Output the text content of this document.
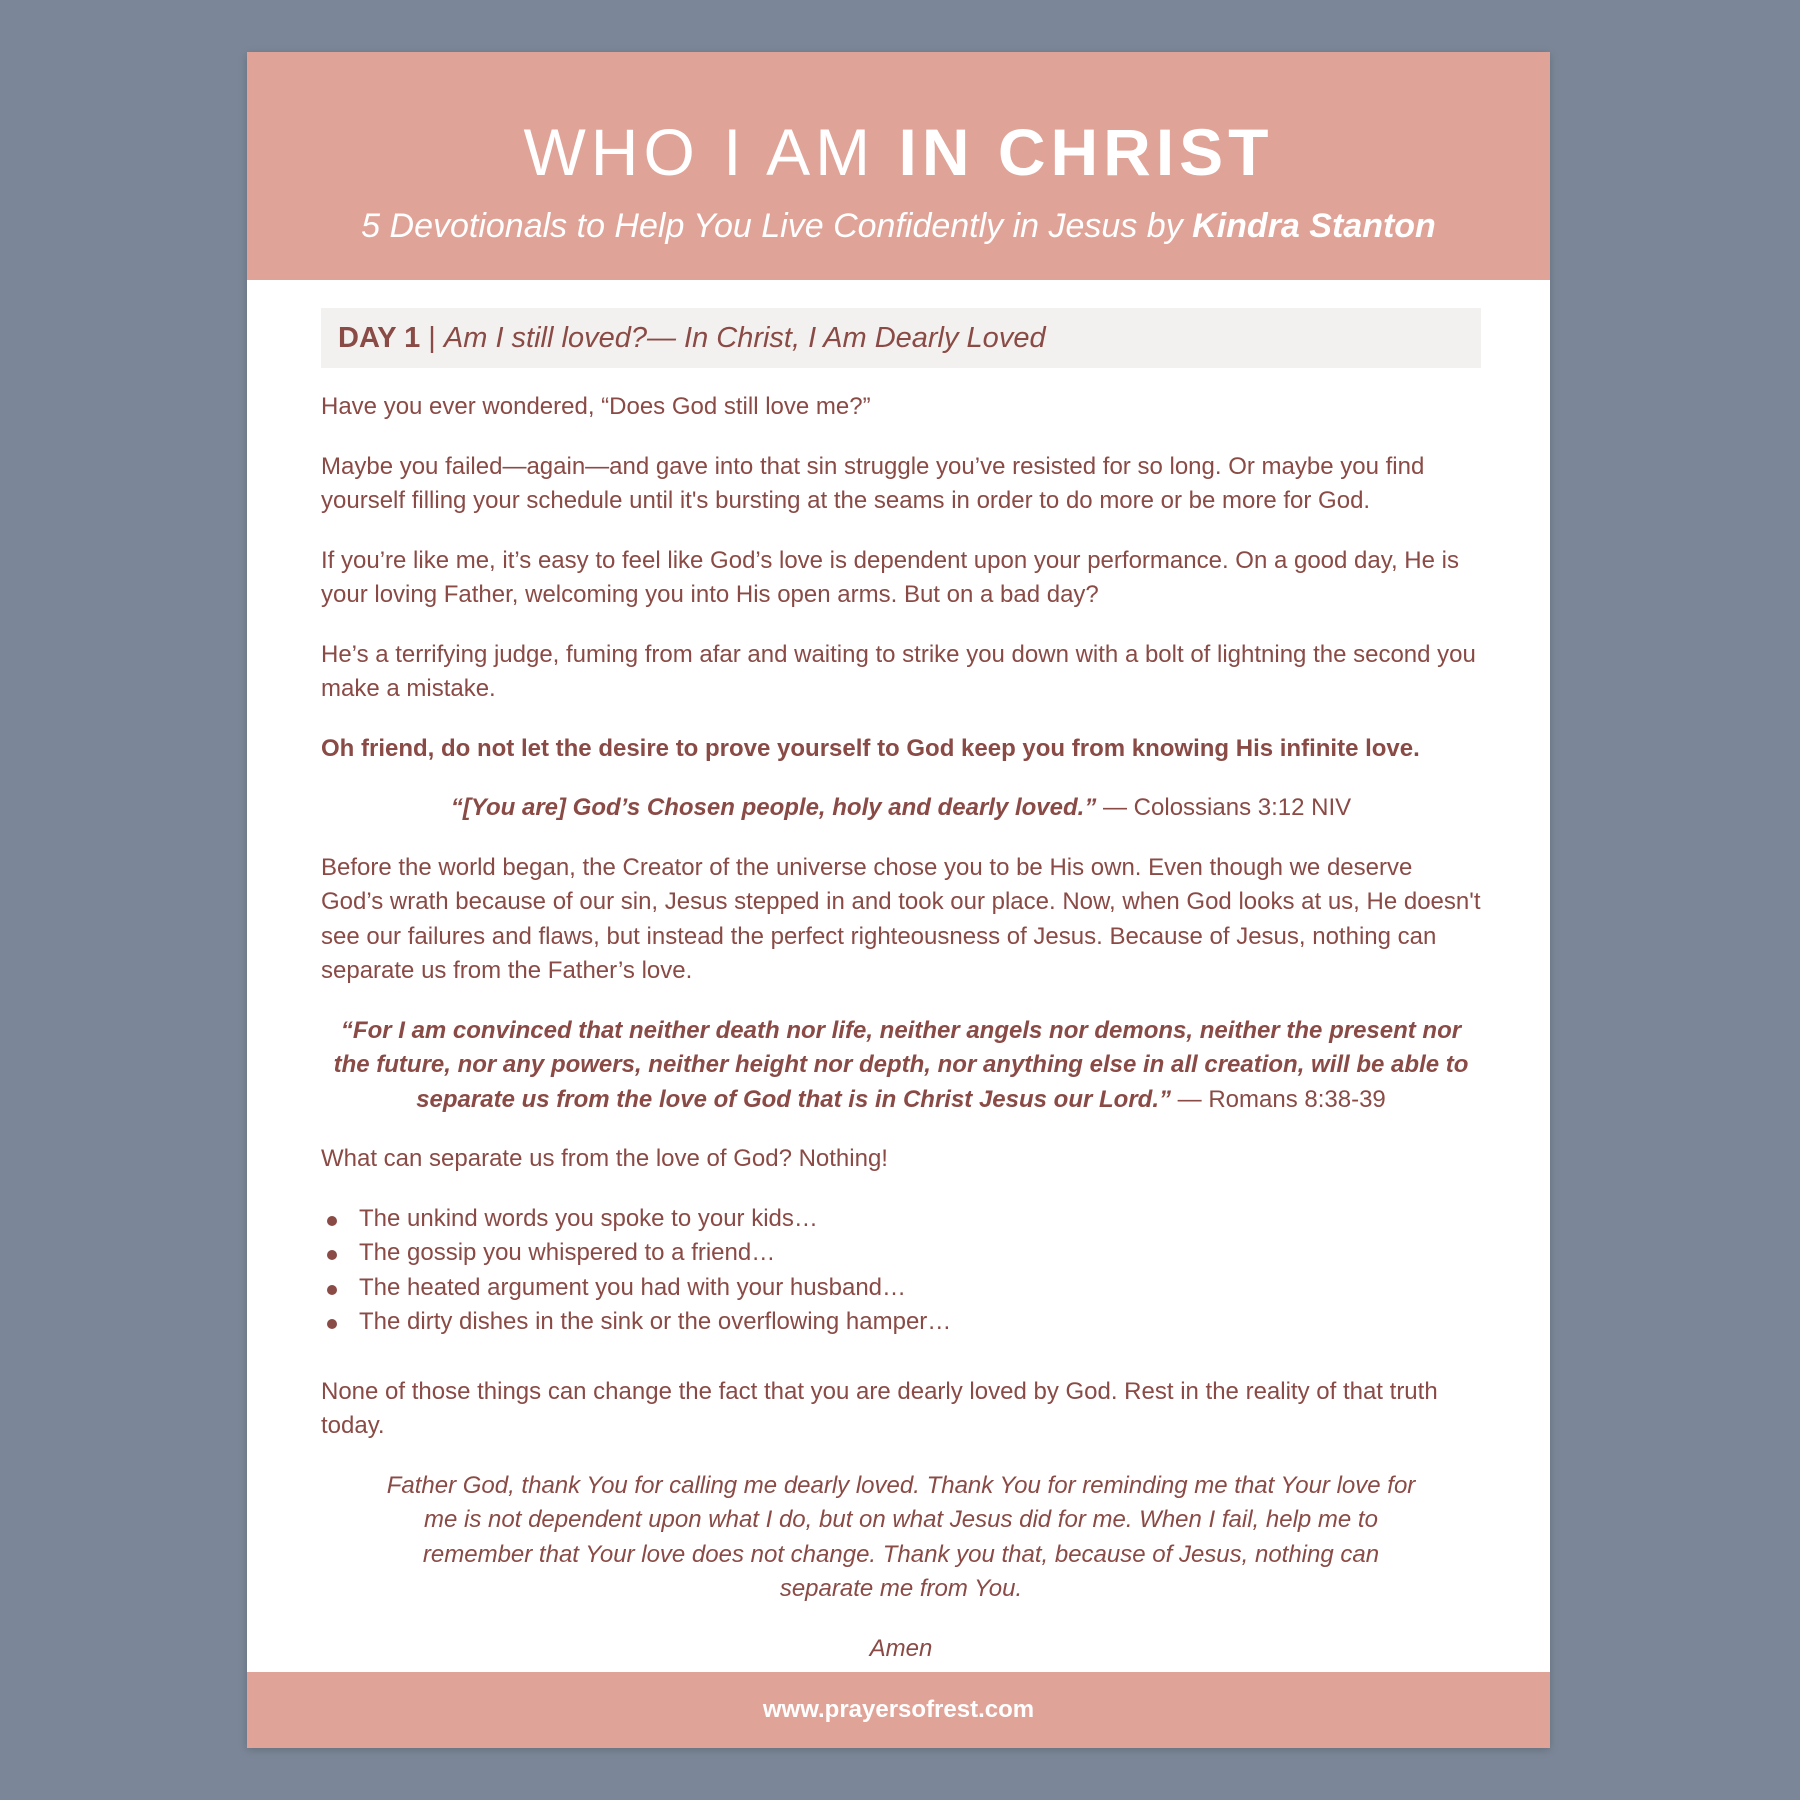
WHO I AM IN CHRIST
5 Devotionals to Help You Live Confidently in Jesus by Kindra Stanton
DAY 1 | Am I still loved?— In Christ, I Am Dearly Loved

Have you ever wondered, “Does God still love me?”

Maybe you failed—again—and gave into that sin struggle you’ve resisted for so long. Or maybe you find yourself filling your schedule until it's bursting at the seams in order to do more or be more for God.

If you’re like me, it’s easy to feel like God’s love is dependent upon your performance. On a good day, He is your loving Father, welcoming you into His open arms. But on a bad day?

He’s a terrifying judge, fuming from afar and waiting to strike you down with a bolt of lightning the second you make a mistake.

Oh friend, do not let the desire to prove yourself to God keep you from knowing His infinite love.

“[You are] God’s Chosen people, holy and dearly loved.” — Colossians 3:12 NIV

Before the world began, the Creator of the universe chose you to be His own. Even though we deserve God’s wrath because of our sin, Jesus stepped in and took our place. Now, when God looks at us, He doesn't see our failures and flaws, but instead the perfect righteousness of Jesus. Because of Jesus, nothing can separate us from the Father’s love.

“For I am convinced that neither death nor life, neither angels nor demons, neither the present nor the future, nor any powers, neither height nor depth, nor anything else in all creation, will be able to separate us from the love of God that is in Christ Jesus our Lord.” — Romans 8:38-39

What can separate us from the love of God? Nothing!

The unkind words you spoke to your kids…
The gossip you whispered to a friend…
The heated argument you had with your husband…
The dirty dishes in the sink or the overflowing hamper…

None of those things can change the fact that you are dearly loved by God. Rest in the reality of that truth today.

Father God, thank You for calling me dearly loved. Thank You for reminding me that Your love for me is not dependent upon what I do, but on what Jesus did for me. When I fail, help me to remember that Your love does not change. Thank you that, because of Jesus, nothing can separate me from You.

Amen

www.prayersofrest.com
